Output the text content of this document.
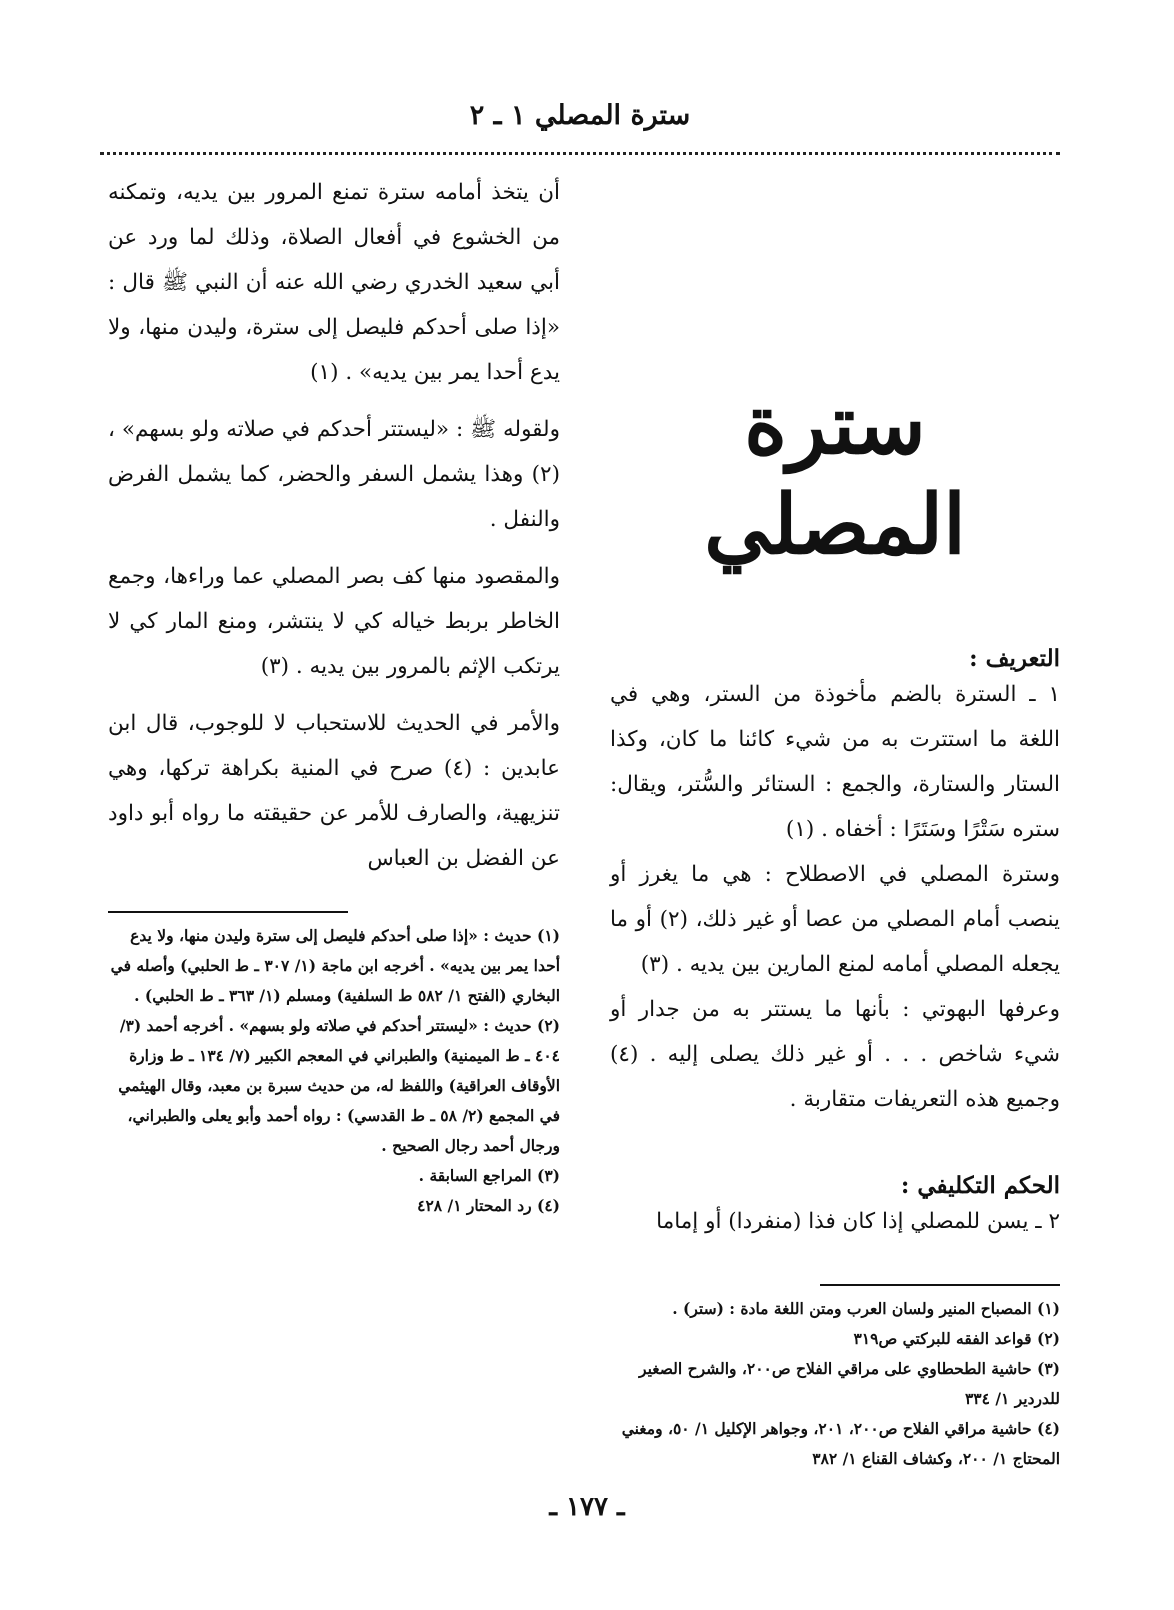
سترة المصلي ١ ـ ٢
سترة المصلي
التعريف :

١ ـ السترة بالضم مأخوذة من الستر، وهي في اللغة ما استترت به من شيء كائنا ما كان، وكذا الستار والستارة، والجمع : الستائر والسُّتر، ويقال: ستره سَتْرًا وسَتَرًا : أخفاه . (١)

وسترة المصلي في الاصطلاح : هي ما يغرز أو ينصب أمام المصلي من عصا أو غير ذلك، (٢) أو ما يجعله المصلي أمامه لمنع المارين بين يديه . (٣)

وعرفها البهوتي : بأنها ما يستتر به من جدار أو شيء شاخص . . . أو غير ذلك يصلى إليه . (٤) وجميع هذه التعريفات متقاربة .

الحكم التكليفي :

٢ ـ يسن للمصلي إذا كان فذا (منفردا) أو إماما

(١) المصباح المنير ولسان العرب ومتن اللغة مادة : (ستر) .

(٢) قواعد الفقه للبركتي ص٣١٩

(٣) حاشية الطحطاوي على مراقي الفلاح ص٢٠٠، والشرح الصغير للدردير ١/ ٣٣٤

(٤) حاشية مراقي الفلاح ص٢٠٠، ٢٠١، وجواهر الإكليل ١/ ٥٠، ومغني المحتاج ١/ ٢٠٠، وكشاف القناع ١/ ٣٨٢

أن يتخذ أمامه سترة تمنع المرور بين يديه، وتمكنه من الخشوع في أفعال الصلاة، وذلك لما ورد عن أبي سعيد الخدري رضي الله عنه أن النبي ﷺ قال : «إذا صلى أحدكم فليصل إلى سترة، وليدن منها، ولا يدع أحدا يمر بين يديه» . (١)

ولقوله ﷺ : «ليستتر أحدكم في صلاته ولو بسهم» ، (٢) وهذا يشمل السفر والحضر، كما يشمل الفرض والنفل .

والمقصود منها كف بصر المصلي عما وراءها، وجمع الخاطر بربط خياله كي لا ينتشر، ومنع المار كي لا يرتكب الإثم بالمرور بين يديه . (٣)

والأمر في الحديث للاستحباب لا للوجوب، قال ابن عابدين : (٤) صرح في المنية بكراهة تركها، وهي تنزيهية، والصارف للأمر عن حقيقته ما رواه أبو داود عن الفضل بن العباس

(١) حديث : «إذا صلى أحدكم فليصل إلى سترة وليدن منها، ولا يدع أحدا يمر بين يديه» . أخرجه ابن ماجة (١/ ٣٠٧ ـ ط الحلبي) وأصله في البخاري (الفتح ١/ ٥٨٢ ط السلفية) ومسلم (١/ ٣٦٣ ـ ط الحلبي) .

(٢) حديث : «ليستتر أحدكم في صلاته ولو بسهم» . أخرجه أحمد (٣/ ٤٠٤ ـ ط الميمنية) والطبراني في المعجم الكبير (٧/ ١٣٤ ـ ط وزارة الأوقاف العراقية) واللفظ له، من حديث سبرة بن معبد، وقال الهيثمي في المجمع (٢/ ٥٨ ـ ط القدسي) : رواه أحمد وأبو يعلى والطبراني، ورجال أحمد رجال الصحيح .

(٣) المراجع السابقة .

(٤) رد المحتار ١/ ٤٢٨

ـ ١٧٧ ـ
